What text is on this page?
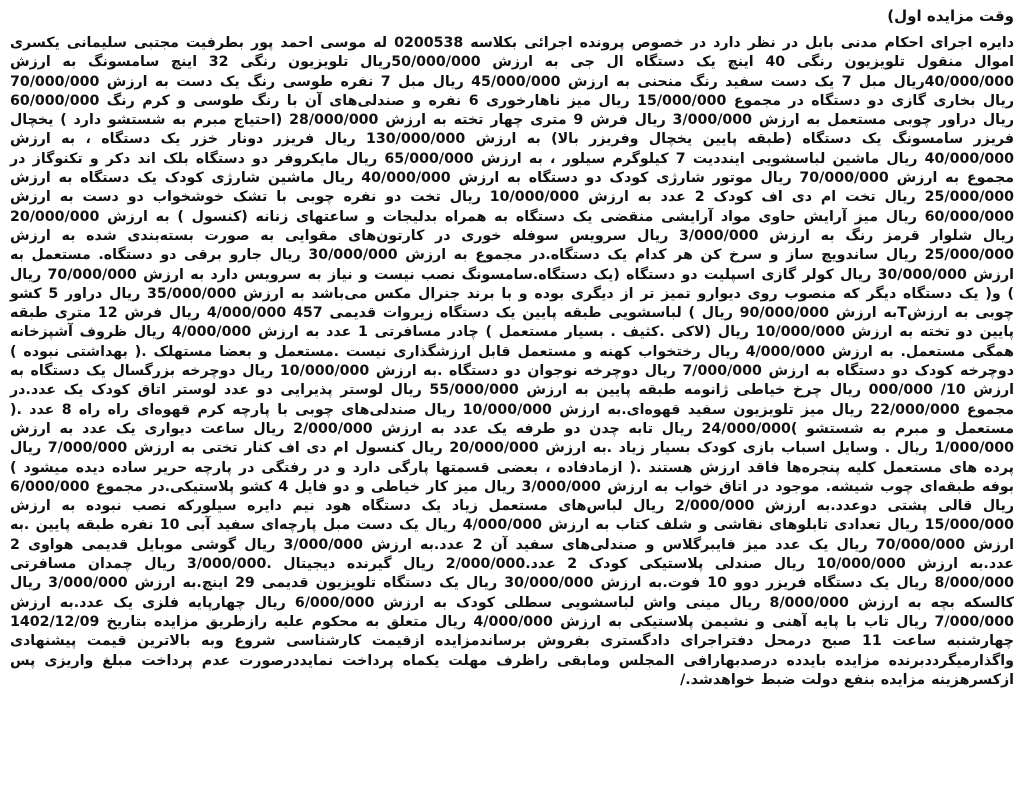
وقت مزایده اول)

دایره اجرای احکام مدنی بابل در نظر دارد در خصوص پرونده اجرائی بکلاسه 0200538 له موسی احمد پور بطرفیت مجتبی سلیمانی یکسری اموال منقول تلویزیون رنگی 40 اینچ یک دستگاه ال جی به ارزش 50/000/000ریال تلویزیون رنگی 32 اینچ سامسونگ به ارزش 40/000/000ریال مبل 7 یک دست سفید رنگ منحنی به ارزش 45/000/000 ریال مبل 7 نفره طوسی رنگ یک دست به ارزش 70/000/000 ریال بخاری گازی دو دستگاه در مجموع 15/000/000 ریال میز ناهارخوری 6 نفره و صندلی‌های آن با رنگ طوسی و کرم رنگ 60/000/000 ریال دراور چوبی مستعمل به ارزش 3/000/000 ریال فرش 9 متری چهار تخته به ارزش 28/000/000 (احتیاج مبرم به شستشو دارد ) یخچال فریزر سامسونگ یک دستگاه (طبقه پایین یخچال وفریزر بالا) به ارزش 130/000/000 ریال فریزر دونار خزر یک دستگاه ، به ارزش 40/000/000 ریال ماشین لباسشویی اینددیت 7 کیلوگرم سیلور ، به ارزش 65/000/000 ریال مایکروفر دو دستگاه بلک اند دکر و تکنوگاز در مجموع به ارزش 70/000/000 ریال موتور شارژی کودک دو دستگاه به ارزش 40/000/000 ریال ماشین شارژی کودک یک دستگاه به ارزش 25/000/000 ریال تخت ام دی اف کودک 2 عدد به ارزش 10/000/000 ریال تخت دو نفره چوبی با تشک خوشخواب دو دست به ارزش 60/000/000 ریال میز آرایش حاوی مواد آرایشی منقضی یک دستگاه به همراه بدلیجات و ساعتهای زنانه (کنسول ) به ارزش 20/000/000 ریال شلوار قرمز رنگ به ارزش 3/000/000 ریال سرویس سوفله خوری در کارتون‌های مقوایی به صورت بسته‌بندی شده به ارزش 25/000/000 ریال ساندویچ ساز و سرخ کن هر کدام یک دستگاه.در مجموع به ارزش 30/000/000 ریال جارو برقی دو دستگاه. مستعمل به ارزش 30/000/000 ریال کولر گازی اسپلیت دو دستگاه (یک دستگاه.سامسونگ نصب نیست و نیاز به سرویس دارد به ارزش 70/000/000 ریال ) و( یک دستگاه دیگر که منصوب روی دیوارو تمیز تر از دیگری بوده و با برند جنرال مکس می‌باشد به ارزش 35/000/000 ریال دراور 5 کشو چوبی به ارزشTبه ارزش 90/000/000 ریال ) لباسشویی طبقه پایین یک دستگاه زیروات قدیمی 457 4/000/000 ریال فرش 12 متری طبقه پایین دو تخته به ارزش 10/000/000 ریال (لاکی .کثیف . بسیار مستعمل ) چادر مسافرتی 1 عدد به ارزش 4/000/000 ریال ظروف آشپزخانه همگی مستعمل. به ارزش 4/000/000 ریال رختخواب کهنه و مستعمل قابل ارزشگذاری نیست .مستعمل و بعضا مستهلک .( بهداشتی نبوده ) دوچرخه کودک دو دستگاه به ارزش 7/000/000 ریال دوچرخه نوجوان دو دستگاه .به ارزش 10/000/000 ریال دوچرخه بزرگسال یک دستگاه به ارزش 10/ 000/000 ریال چرخ خیاطی ژانومه طبقه پایین به ارزش 55/000/000 ریال لوستر پذیرایی دو عدد لوستر اتاق کودک یک عدد.در مجموع 22/000/000 ریال میز تلویزیون سفید قهوه‌ای.به ارزش 10/000/000 ریال صندلی‌های چوبی با پارچه کرم قهوه‌ای راه راه 8 عدد .( مستعمل و مبرم به شستشو )24/000/000 ریال تابه چدن دو طرفه یک عدد به ارزش 2/000/000 ریال ساعت دیواری یک عدد به ارزش 1/000/000 ریال . وسایل اسباب بازی کودک بسیار زیاد .به ارزش 20/000/000 ریال کنسول ام دی اف کنار تختی به ارزش 7/000/000 ریال پرده های مستعمل کلیه پنجره‌ها فاقد ارزش هستند .( ازمادفاده ، بعضی قسمتها پارگی دارد و در رفتگی در پارچه حریر ساده دیده میشود ) بوفه طبقه‌ای چوب شیشه. موجود در اتاق خواب به ارزش 3/000/000 ریال میز کار خیاطی و دو فایل 4 کشو پلاستیکی.در مجموع 6/000/000 ریال قالی پشتی دوعدد.به ارزش 2/000/000 ریال لباس‌های مستعمل زیاد یک دستگاه هود نیم دایره سیلورکه نصب نبوده به ارزش 15/000/000 ریال تعدادی تابلوهای نقاشی و شلف کتاب به ارزش 4/000/000 ریال یک دست مبل پارچه‌ای سفید آبی 10 نفره طبقه پایین .به ارزش 70/000/000 ریال یک عدد میز فایبرگلاس و صندلی‌های سفید آن 2 عدد.به ارزش 3/000/000 ریال گوشی موبایل قدیمی هواوی 2 عدد.به ارزش 10/000/000 ریال صندلی پلاستیکی کودک 2 عدد.2/000/000 ریال گیرنده دیجیتال .3/000/000 ریال چمدان مسافرتی 8/000/000 ریال یک دستگاه فریزر دوو 10 فوت.به ارزش 30/000/000 ریال یک دستگاه تلویزیون قدیمی 29 اینچ.به ارزش 3/000/000 ریال کالسکه بچه به ارزش 8/000/000 ریال مینی واش لباسشویی سطلی کودک به ارزش 6/000/000 ریال چهارپایه فلزی یک عدد.به ارزش 7/000/000 ریال تاب با پایه آهنی و نشیمن پلاستیکی به ارزش 4/000/000 ریال متعلق به محکوم علیه رازطریق مزایده بتاریخ 1402/12/09 چهارشنبه ساعت 11 صبح درمحل دفتراجرای دادگستری بفروش برساندمزایده ازقیمت کارشناسی شروع وبه بالاترین قیمت پیشنهادی واگذارمیگرددبرنده مزایده بایدده درصدبهارافی المجلس ومابقی راظرف مهلت یکماه پرداخت نمایددرصورت عدم پرداخت مبلغ واریزی پس ازکسرهزینه مزایده بنفع دولت ضبط خواهدشد./
